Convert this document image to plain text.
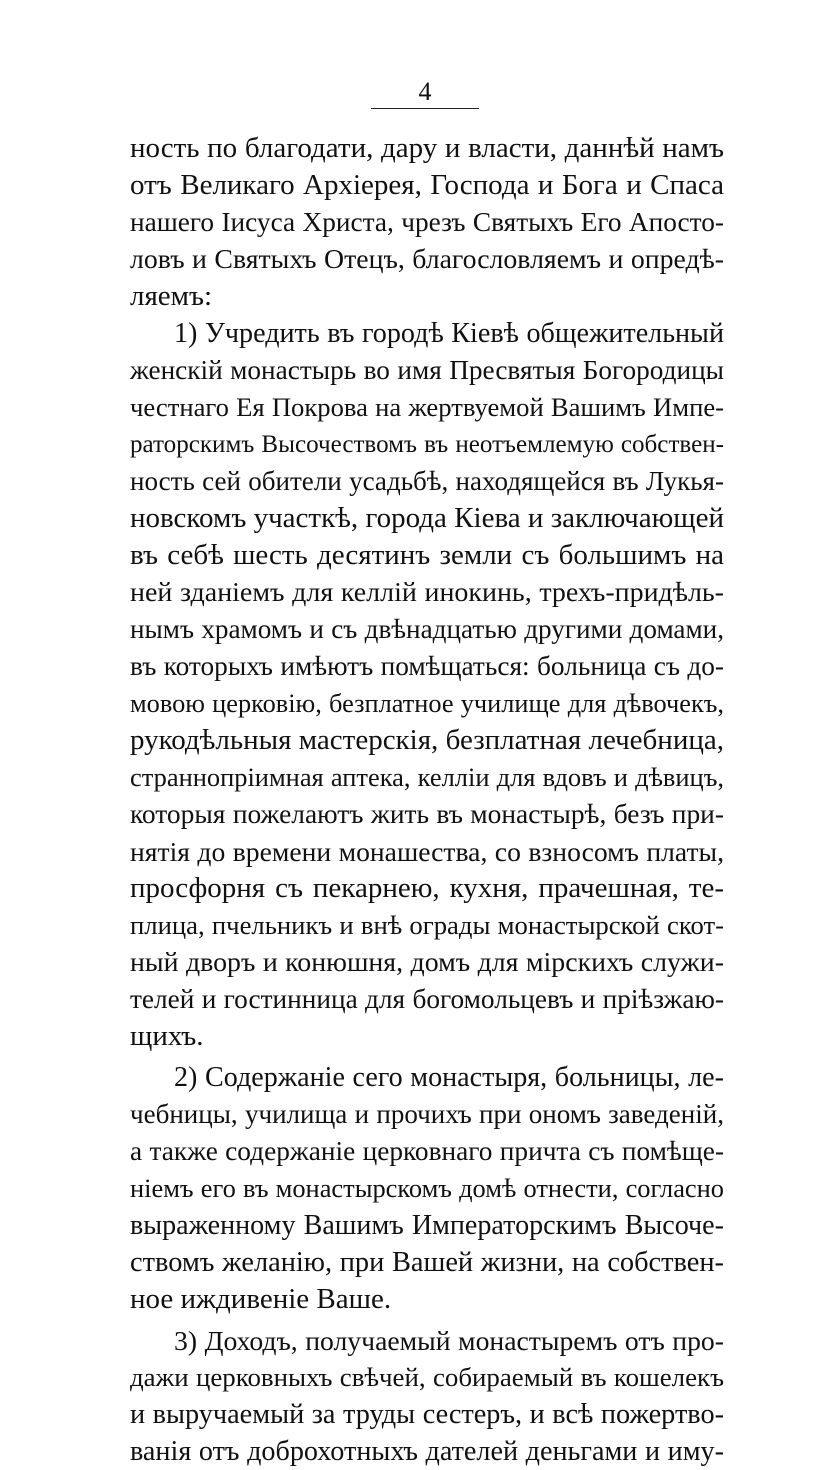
4
ность по благодати, дару и власти, даннѣй намъ
отъ Великаго Архіерея, Господа и Бога и Спаса
нашего Іисуса Христа, чрезъ Святыхъ Его Апосто-
ловъ и Святыхъ Отецъ, благословляемъ и опредѣ-
ляемъ:
1) Учредить въ городѣ Кіевѣ общежительный
женскій монастырь во имя Пресвятыя Богородицы
честнаго Ея Покрова на жертвуемой Вашимъ Импе-
раторскимъ Высочествомъ въ неотъемлемую собствен-
ность сей обители усадьбѣ, находящейся въ Лукья-
новскомъ участкѣ, города Кіева и заключающей
въ себѣ шесть десятинъ земли съ большимъ на
ней зданіемъ для келлій инокинь, трехъ-придѣль-
нымъ храмомъ и съ двѣнадцатью другими домами,
въ которыхъ имѣютъ помѣщаться: больница съ до-
мовою церковію, безплатное училище для дѣвочекъ,
рукодѣльныя мастерскія, безплатная лечебница,
страннопріимная аптека, келліи для вдовъ и дѣвицъ,
которыя пожелаютъ жить въ монастырѣ, безъ при-
нятія до времени монашества, со взносомъ платы,
просфорня съ пекарнею, кухня, прачешная, те-
плица, пчельникъ и внѣ ограды монастырской скот-
ный дворъ и конюшня, домъ для мірскихъ служи-
телей и гостинница для богомольцевъ и пріѣзжаю-
щихъ.
2) Содержаніе сего монастыря, больницы, ле-
чебницы, училища и прочихъ при ономъ заведеній,
а также содержаніе церковнаго причта съ помѣще-
ніемъ его въ монастырскомъ домѣ отнести, согласно
выраженному Вашимъ Императорскимъ Высоче-
ствомъ желанію, при Вашей жизни, на собствен-
ное иждивеніе Ваше.
3) Доходъ, получаемый монастыремъ отъ про-
дажи церковныхъ свѣчей, собираемый въ кошелекъ
и выручаемый за труды сестеръ, и всѣ пожертво-
ванія отъ доброхотныхъ дателей деньгами и иму-
